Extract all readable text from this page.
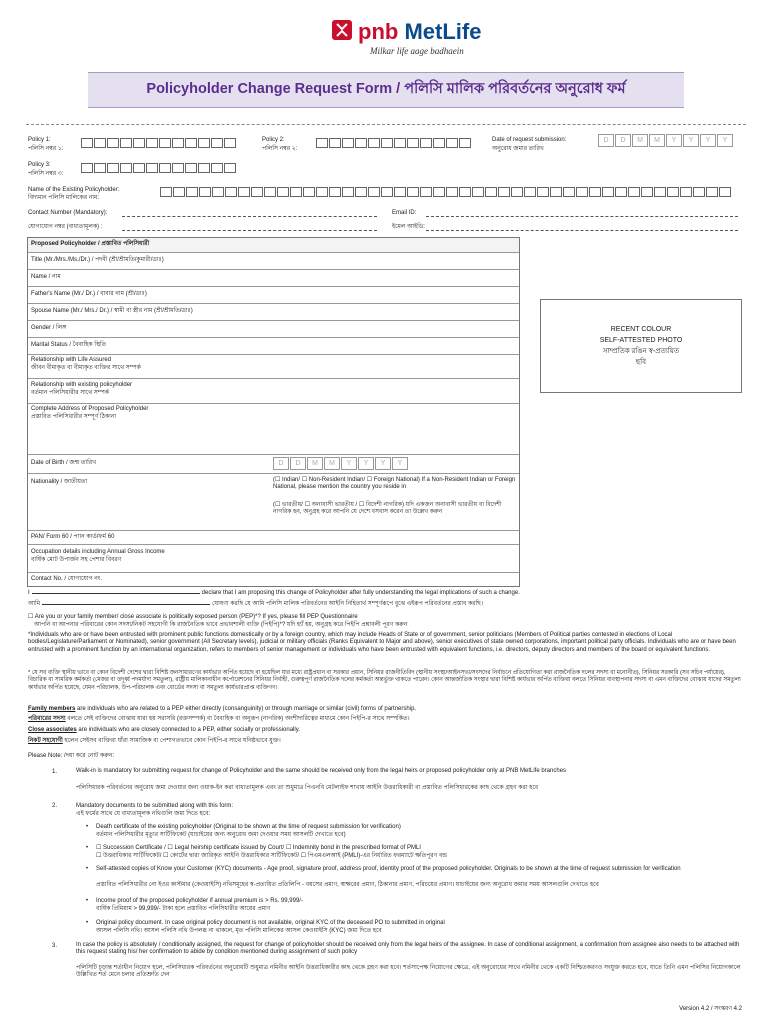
pnb MetLife
Milkar life aage badhaein
Policyholder Change Request Form / পলিসি মালিক পরিবর্তনের অনুরোধ ফর্ম
Policy 1:
পলিসি নম্বর ১:
Policy 2:
পলিসি নম্বর ২:
Date of request submission:
অনুরোধ জমার তারিখ
D	D	M	M	Y	Y	Y	Y
Policy 3:
পলিসি নম্বর ৩:
Name of the Existing Policyholder:
বিদ্যমান পলিসি মালিকের নাম:
Contact Number (Mandatory):
যোগাযোগ নম্বর (বাধ্যতামূলক) :
Email ID:
ইমেল আইডি:
Proposed Policyholder / প্রস্তাবিত পলিসিধারী
Title (Mr./Mrs./Ms./Dr.) / পদবী (শ্রী/শ্রীমতি/কুমারী/ডাঃ)
Name / নাম
Father's Name (Mr./ Dr.) / বাবার নাম (শ্রী/ডাঃ)
Spouse Name (Mr./ Mrs./ Dr.) / স্বামী বা স্ত্রীর নাম (শ্রী/শ্রীমতি/ডাঃ)
Gender / লিঙ্গ
Marital Status / বৈবাহিক স্থিতি
Relationship with Life Assured
জীবন বীমাকৃত বা বীমাকৃত ব্যক্তির সাথে সম্পর্ক
Relationship with existing policyholder
বর্তমান পলিসিধারীর সাথে সম্পর্ক
Complete Address of Proposed Policyholder
প্রস্তাবিত পলিসিধারীর সম্পূর্ণ ঠিকানা
Date of Birth / জন্ম তারিখ	D	D	M	M	Y	Y	Y	Y
Nationality / জাতীয়তা	(☐ Indian/ ☐ Non-Resident Indian/ ☐ Foreign National) If a Non-Resident Indian or Foreign National, please mention the country you reside in
(☐ ভারতীয়/ ☐ অনাবাসী ভারতীয় / ☐ বিদেশী নাগরিক) যদি একজন অনাবাসী ভারতীয় বা বিদেশী নাগরিক হন, অনুগ্রহ করে আপনি যে দেশে বসবাস করেন তা উল্লেখ করুন
PAN/ Form 60 / প্যান কার্ড/ফর্ম 60
Occupation details including Annual Gross Income
বার্ষিক মোট উপার্জন সহ পেশার বিবরণ
Contact No. / যোগাযোগ নং.
RECENT COLOUR
SELF-ATTESTED PHOTO
সাম্প্রতিক রঙিন স্ব-প্রত্যয়িত
ছবি
I	declare that I am proposing this change of Policyholder after fully understanding the legal implications of such a change.
আমি	ঘোষণা করছি যে আমি পলিসি মালিক পরিবর্তনের আইনি নিহিতার্থ সম্পূর্ণরূপে বুঝে এইরূপ পরিবর্তনের প্রস্তাব করছি।
☐ Are you or your family member/ close associate is politically exposed person (PEP)*? If yes, please fill PEP Questionnaire
আপনি বা আপনার পরিবারের কোন সদস্য/নিকট সহযোগী কি রাজনৈতিক ভাবে প্রভাবশালী ব্যক্তি (পিইপি)*? যদি হ্যাঁ হয়, অনুগ্রহ করে পিইপি প্রশ্নাবলী পূরণ করুন
*Individuals who are or have been entrusted with prominent public functions domestically or by a foreign country, which may include Heads of State or of government, senior politicians (Members of Political parties contested in elections of Local bodies/Legislature/Parliament or Nominated), senior government (All Secretary levels), judicial or military officials (Ranks Equivalent to Major and above), senior executives of state owned corporations, important political party officials. Individuals who are or have been entrusted with a prominent function by an international organization, refers to members of senior management or individuals who have been entrusted with equivalent functions, i.e. directors, deputy directors and members of the board or equivalent functions.
* যে সব ব্যক্তি স্থানীয় ভাবে বা কোন বিদেশী দেশের দ্বারা বিশিষ্ট জনসাধারণের কার্যভার অর্পিত হয়েছে বা হয়েছিল যার মধ্যে রাষ্ট্রপ্রধান বা সরকার প্রধান, সিনিয়র রাজনীতিবিদ (স্থানীয় সংস্থা/আইনসভা/সংসদের নির্বাচনে প্রতিযোগিতা করা রাজনৈতিক দলের সদস্য বা মনোনীত), সিনিয়র সরকারি (সব সচিব পর্যায়ের), বিচারিক বা সামরিক কর্মকর্তা (মেজর বা তদূর্ধ্ব পদমর্যাদা সমতুল্য), রাষ্ট্রীয় মালিকানাধীন কর্পোরেশনের সিনিয়র নির্বাহী, গুরুত্বপূর্ণ রাজনৈতিক দলের কর্মকর্তা অন্তর্ভুক্ত থাকতে পারেন। কোন আন্তর্জাতিক সংস্থার দ্বারা বিশিষ্ট কার্যভার অর্পিত ব্যক্তিরা বলতে সিনিয়র ব্যবস্থাপনার সদস্য বা এমন ব্যক্তিদের বোঝায় যাদের সমতুল্য কার্যভার অর্পিত হয়েছে, যেমন পরিচালক, উপ-পরিচালক এবং বোর্ডের সদস্য বা সমতুল্য কার্যভারপ্রাপ্ত ব্যক্তিগণ।
Family members are individuals who are related to a PEP either directly (consanguinity) or through marriage or similar (civil) forms of partnership.
পরিবারের সদস্য বলতে সেই ব্যক্তিদের বোঝায় যারা হয় সরাসরি (রক্তসম্পর্ক) বা বৈবাহিক বা অনুরূপ (নাগরিক) অংশীদারিত্বের মাধ্যমে কোন পিইপি-র সাথে সম্পর্কিত।
Close associates are individuals who are closely connected to a PEP, either socially or professionally.
নিকট সহযোগী হলেন সেইসব ব্যক্তিরা যাঁরা সামাজিক বা পেশাগতভাবে কোন পিইপি-র সাথে ঘনিষ্ঠভাবে যুক্ত।
Please Note: /দয়া করে নোট করুন:
1.	Walk-in is mandatory for submitting request for change of Policyholder and the same should be received only from the legal heirs or proposed policyholder only at PNB MetLife branches
পলিসিধারক পরিবর্তনের অনুরোধ জমা দেওয়ার জন্য ওয়াক-ইন করা বাধ্যতামূলক এবং তা শুধুমাত্র পিএনবি মেটলাইফ শাখায় আইনি উত্তরাধিকারী বা প্রস্তাবিত পলিসিধারকের কাছ থেকে গ্রহণ করা হবে
2.	Mandatory documents to be submitted along with this form:
এই ফর্মের সাথে যে বাধ্যতামূলক নথিগুলি জমা দিতে হবে:
• Death certificate of the existing policyholder (Original to be shown at the time of request submission for verification)
বর্তমান পলিসিধারীর মৃত্যুর সার্টিফিকেট (যাচাইয়ের জন্য অনুরোধ জমা দেওয়ার সময় আসলটি দেখাতে হবে)
• ☐ Succession Certificate / ☐ Legal heirship certificate issued by Court/ ☐ Indemnity bond in the prescribed format of PMLI
☐ উত্তরাধিকার সার্টিফিকেট/ ☐ কোর্টের দ্বারা জারিকৃত আইনি উত্তরাধিকার সার্টিফিকেট/ ☐ পিএমএলআই (PMLI)-এর নির্ধারিত ফরম্যাটে ক্ষতিপূরণ বন্ড
• Self-attested copies of Know your Customer (KYC) documents - Age proof, signature proof, address proof, identity proof of the proposed policyholder. Originals to be shown at the time of request submission for verification
প্রস্তাবিত পলিসিধারীর নো ইওর কাস্টমার (কেওয়াইসি) নথিসমূহের স্ব-প্রত্যয়িত প্রতিলিপি - বয়সের প্রমাণ, স্বাক্ষরের প্রমাণ, ঠিকানার প্রমাণ, পরিচয়ের প্রমাণ। যাচাইয়ের জন্য অনুরোধ জমার সময় আসলগুলি দেখাতে হবে
• Income proof of the proposed policyholder if annual premium is > Rs. 99,999/-
বার্ষিক প্রিমিয়াম > 99,999/- টাকা হলে প্রস্তাবিত পলিসিধারীর আয়ের প্রমাণ
• Original policy document. In case original policy document is not available, original KYC of the deceased PO to submitted in original
আসল পলিসি নথি। আসল পলিসি নথি উপলব্ধ না থাকলে, মৃত পলিসি মালিকের আসল কেওয়াইসি (KYC) জমা দিতে হবে
3.	In case the policy is absolutely / conditionally assigned, the request for change of policyholder should be received only from the legal heirs of the assignee. In case of conditional assignment, a confirmation from assignee also needs to be attached with this request stating his/ her confirmation to abide by condition mentioned during assignment of such policy
পলিসিটি চূড়ান্ত শর্তাধীন নিয়োগ হলে, পলিসিধারক পরিবর্তনের অনুরোধটি শুধুমাত্র নমিনীর আইনি উত্তরাধিকারীর কাছ থেকে গ্রহণ করা হবে। শর্তসাপেক্ষ নিয়োগের ক্ষেত্রে, এই অনুরোধের সাথে নমিনীর থেকে একটি নিশ্চিতকরণও সংযুক্ত করতে হবে, যাতে তিনি এমন পলিসির নিয়োগকালে উল্লিখিত শর্ত মেনে চলার প্রতিশ্রুতি দেন
Version 4.2 / সংস্করণ 4.2
